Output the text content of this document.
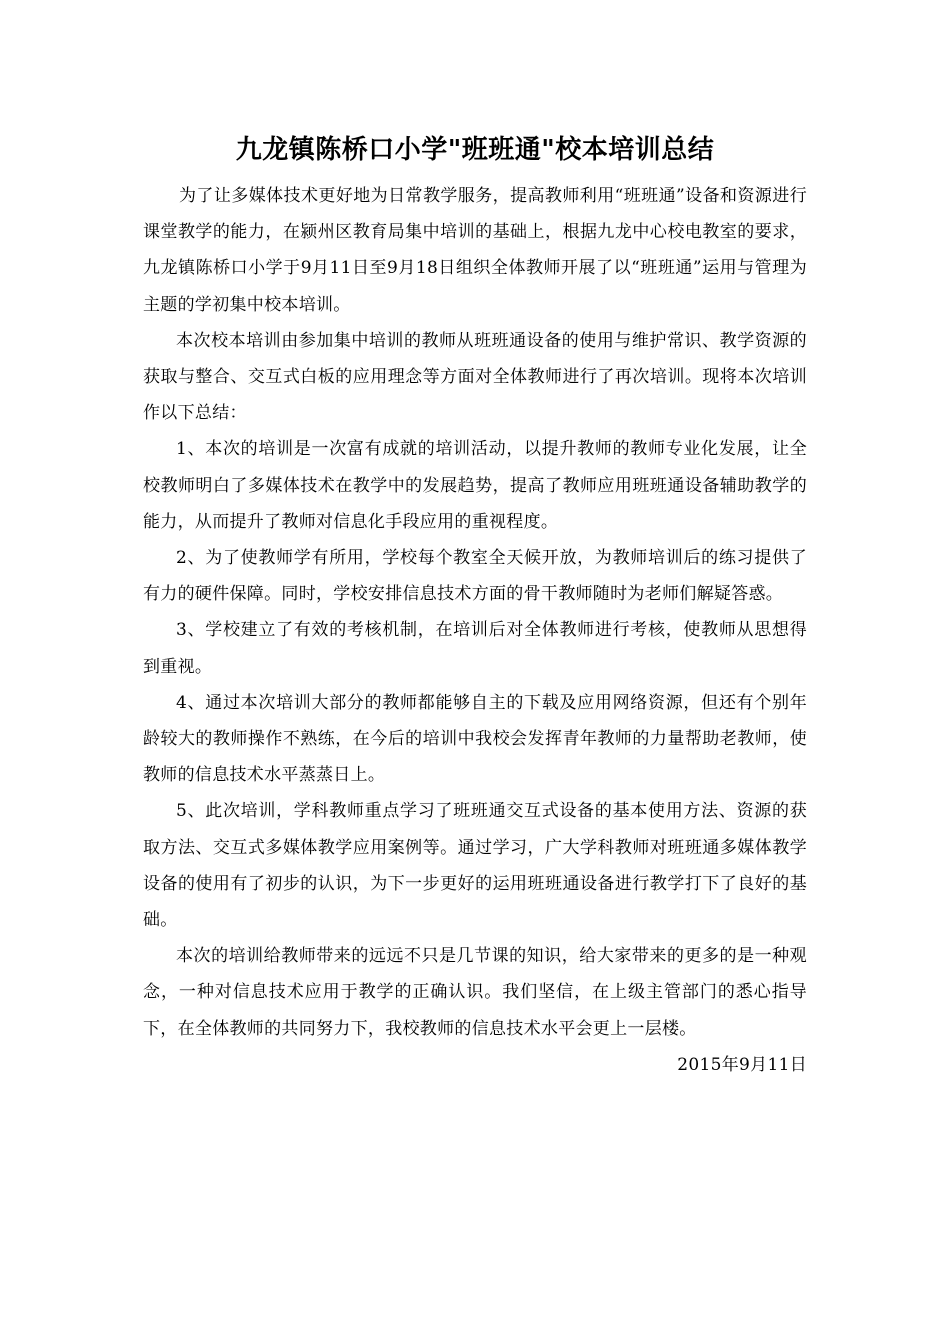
九龙镇陈桥口小学"班班通"校本培训总结

为了让多媒体技术更好地为日常教学服务，提高教师利用“班班通”设备和资源进行课堂教学的能力，在颍州区教育局集中培训的基础上，根据九龙中心校电教室的要求，九龙镇陈桥口小学于9月11日至9月18日组织全体教师开展了以“班班通”运用与管理为主题的学初集中校本培训。

本次校本培训由参加集中培训的教师从班班通设备的使用与维护常识、教学资源的获取与整合、交互式白板的应用理念等方面对全体教师进行了再次培训。现将本次培训作以下总结：

1、本次的培训是一次富有成就的培训活动，以提升教师的教师专业化发展，让全校教师明白了多媒体技术在教学中的发展趋势，提高了教师应用班班通设备辅助教学的能力，从而提升了教师对信息化手段应用的重视程度。

2、为了使教师学有所用，学校每个教室全天候开放，为教师培训后的练习提供了有力的硬件保障。同时，学校安排信息技术方面的骨干教师随时为老师们解疑答惑。

3、学校建立了有效的考核机制，在培训后对全体教师进行考核，使教师从思想得到重视。

4、通过本次培训大部分的教师都能够自主的下载及应用网络资源，但还有个别年龄较大的教师操作不熟练，在今后的培训中我校会发挥青年教师的力量帮助老教师，使教师的信息技术水平蒸蒸日上。

5、此次培训，学科教师重点学习了班班通交互式设备的基本使用方法、资源的获取方法、交互式多媒体教学应用案例等。通过学习，广大学科教师对班班通多媒体教学设备的使用有了初步的认识，为下一步更好的运用班班通设备进行教学打下了良好的基础。

本次的培训给教师带来的远远不只是几节课的知识，给大家带来的更多的是一种观念，一种对信息技术应用于教学的正确认识。我们坚信，在上级主管部门的悉心指导下，在全体教师的共同努力下，我校教师的信息技术水平会更上一层楼。

2015年9月11日
